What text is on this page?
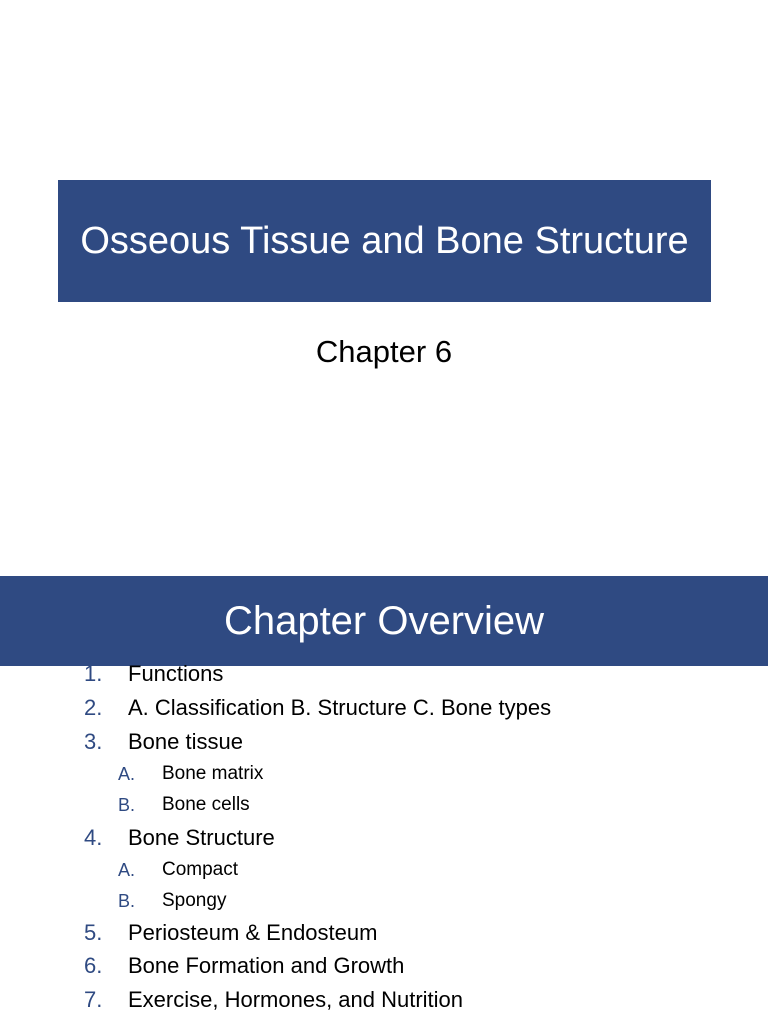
Osseous Tissue and Bone Structure
Chapter 6
Chapter Overview
1. Functions
2. A. Classification B. Structure C. Bone types
3. Bone tissue
A. Bone matrix
B. Bone cells
4. Bone Structure
A. Compact
B. Spongy
5. Periosteum & Endosteum
6. Bone Formation and Growth
7. Exercise, Hormones, and Nutrition
